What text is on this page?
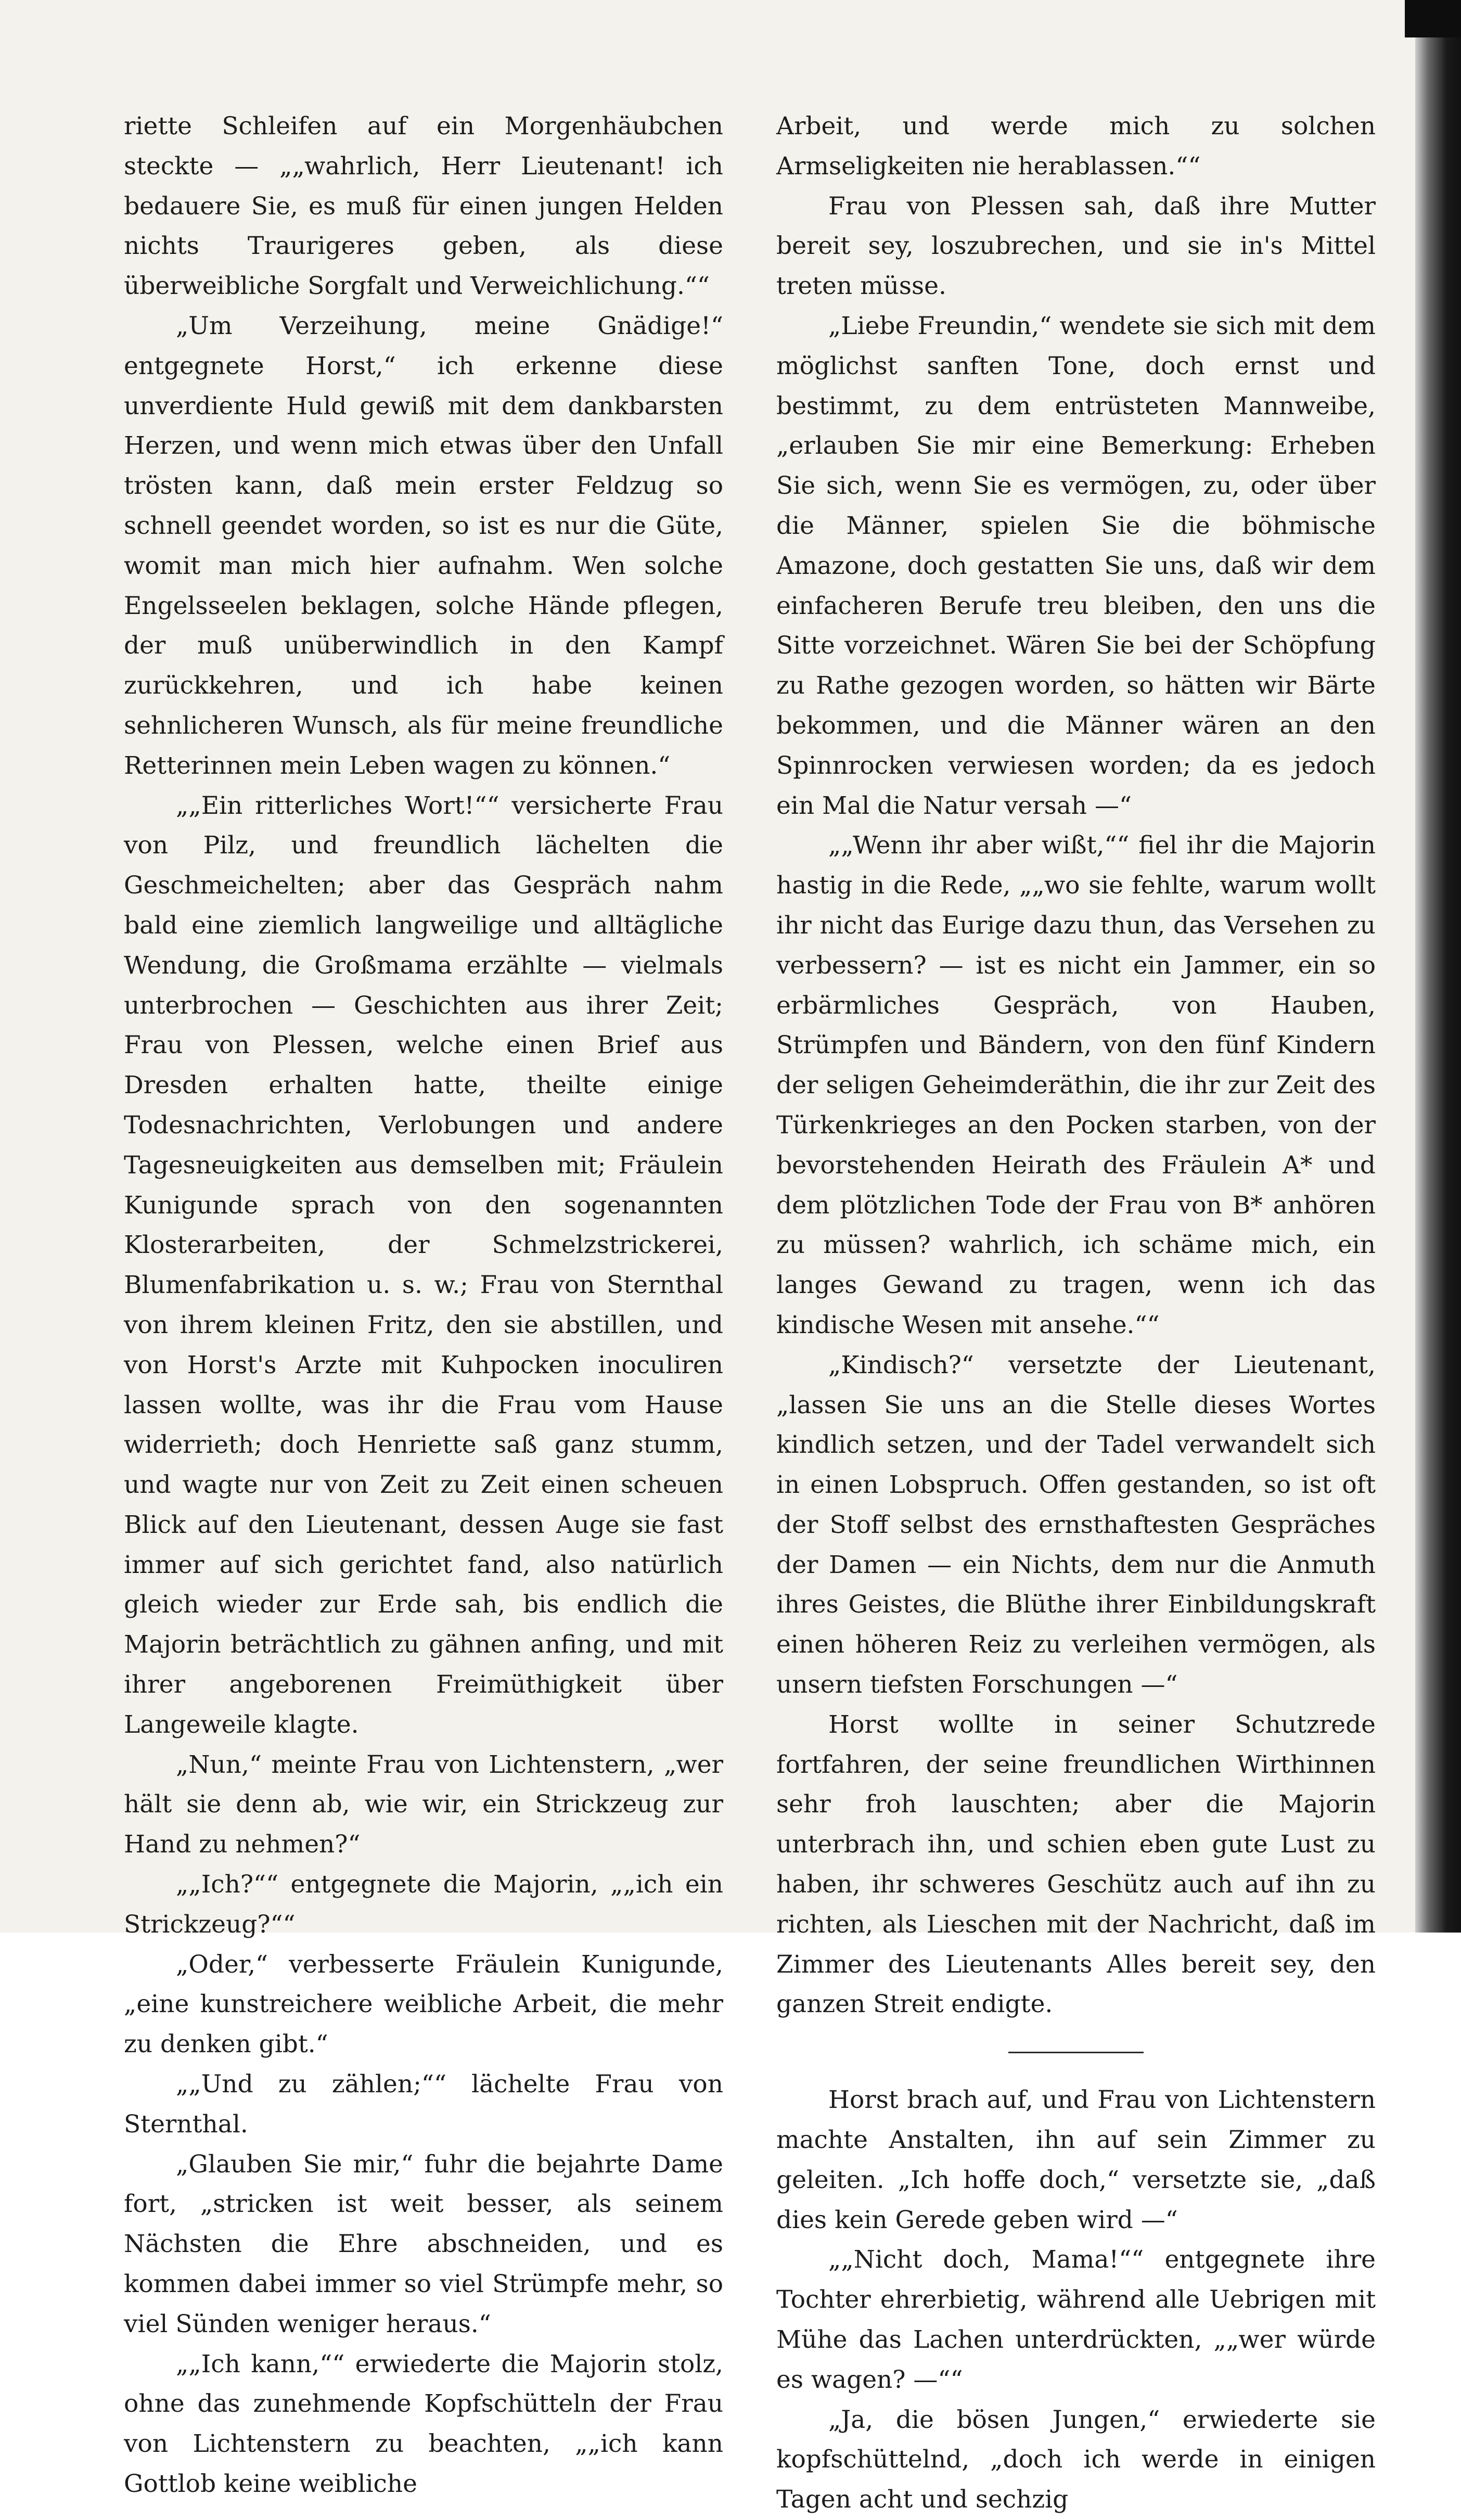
riette Schleifen auf ein Morgenhäubchen steckte — „„wahrlich, Herr Lieutenant! ich bedauere Sie, es muß für einen jungen Helden nichts Traurigeres geben, als diese überweibliche Sorgfalt und Verweichlichung.““

„Um Verzeihung, meine Gnädige!“ entgegnete Horst,“ ich erkenne diese unverdiente Huld gewiß mit dem dankbarsten Herzen, und wenn mich etwas über den Unfall trösten kann, daß mein erster Feldzug so schnell geendet worden, so ist es nur die Güte, womit man mich hier aufnahm. Wen solche Engelsseelen beklagen, solche Hände pflegen, der muß unüberwindlich in den Kampf zurückkehren, und ich habe keinen sehnlicheren Wunsch, als für meine freundliche Retterinnen mein Leben wagen zu können.“

„„Ein ritterliches Wort!““ versicherte Frau von Pilz, und freundlich lächelten die Geschmeichelten; aber das Gespräch nahm bald eine ziemlich langweilige und alltägliche Wendung, die Großmama erzählte — vielmals unterbrochen — Geschichten aus ihrer Zeit; Frau von Plessen, welche einen Brief aus Dresden erhalten hatte, theilte einige Todesnachrichten, Verlobungen und andere Tagesneuigkeiten aus demselben mit; Fräulein Kunigunde sprach von den sogenannten Klosterarbeiten, der Schmelzstrickerei, Blumenfabrikation u. s. w.; Frau von Sternthal von ihrem kleinen Fritz, den sie abstillen, und von Horst's Arzte mit Kuhpocken inoculiren lassen wollte, was ihr die Frau vom Hause widerrieth; doch Henriette saß ganz stumm, und wagte nur von Zeit zu Zeit einen scheuen Blick auf den Lieutenant, dessen Auge sie fast immer auf sich gerichtet fand, also natürlich gleich wieder zur Erde sah, bis endlich die Majorin beträchtlich zu gähnen anfing, und mit ihrer angeborenen Freimüthigkeit über Langeweile klagte.

„Nun,“ meinte Frau von Lichtenstern, „wer hält sie denn ab, wie wir, ein Strickzeug zur Hand zu nehmen?“

„„Ich?““ entgegnete die Majorin, „„ich ein Strickzeug?““

„Oder,“ verbesserte Fräulein Kunigunde, „eine kunstreichere weibliche Arbeit, die mehr zu denken gibt.“

„„Und zu zählen;““ lächelte Frau von Sternthal.

„Glauben Sie mir,“ fuhr die bejahrte Dame fort, „stricken ist weit besser, als seinem Nächsten die Ehre abschneiden, und es kommen dabei immer so viel Strümpfe mehr, so viel Sünden weniger heraus.“

„„Ich kann,““ erwiederte die Majorin stolz, ohne das zunehmende Kopfschütteln der Frau von Lichtenstern zu beachten, „„ich kann Gottlob keine weibliche

Arbeit, und werde mich zu solchen Armseligkeiten nie herablassen.““

Frau von Plessen sah, daß ihre Mutter bereit sey, loszubrechen, und sie in's Mittel treten müsse.

„Liebe Freundin,“ wendete sie sich mit dem möglichst sanften Tone, doch ernst und bestimmt, zu dem entrüsteten Mannweibe, „erlauben Sie mir eine Bemerkung: Erheben Sie sich, wenn Sie es vermögen, zu, oder über die Männer, spielen Sie die böhmische Amazone, doch gestatten Sie uns, daß wir dem einfacheren Berufe treu bleiben, den uns die Sitte vorzeichnet. Wären Sie bei der Schöpfung zu Rathe gezogen worden, so hätten wir Bärte bekommen, und die Männer wären an den Spinnrocken verwiesen worden; da es jedoch ein Mal die Natur versah —“

„„Wenn ihr aber wißt,““ fiel ihr die Majorin hastig in die Rede, „„wo sie fehlte, warum wollt ihr nicht das Eurige dazu thun, das Versehen zu verbessern? — ist es nicht ein Jammer, ein so erbärmliches Gespräch, von Hauben, Strümpfen und Bändern, von den fünf Kindern der seligen Geheimderäthin, die ihr zur Zeit des Türkenkrieges an den Pocken starben, von der bevorstehenden Heirath des Fräulein A* und dem plötzlichen Tode der Frau von B* anhören zu müssen? wahrlich, ich schäme mich, ein langes Gewand zu tragen, wenn ich das kindische Wesen mit ansehe.““

„Kindisch?“ versetzte der Lieutenant, „lassen Sie uns an die Stelle dieses Wortes kindlich setzen, und der Tadel verwandelt sich in einen Lobspruch. Offen gestanden, so ist oft der Stoff selbst des ernsthaftesten Gespräches der Damen — ein Nichts, dem nur die Anmuth ihres Geistes, die Blüthe ihrer Einbildungskraft einen höheren Reiz zu verleihen vermögen, als unsern tiefsten Forschungen —“

Horst wollte in seiner Schutzrede fortfahren, der seine freundlichen Wirthinnen sehr froh lauschten; aber die Majorin unterbrach ihn, und schien eben gute Lust zu haben, ihr schweres Geschütz auch auf ihn zu richten, als Lieschen mit der Nachricht, daß im Zimmer des Lieutenants Alles bereit sey, den ganzen Streit endigte.

Horst brach auf, und Frau von Lichtenstern machte Anstalten, ihn auf sein Zimmer zu geleiten. „Ich hoffe doch,“ versetzte sie, „daß dies kein Gerede geben wird —“

„„Nicht doch, Mama!““ entgegnete ihre Tochter ehrerbietig, während alle Uebrigen mit Mühe das Lachen unterdrückten, „„wer würde es wagen? —““

„Ja, die bösen Jungen,“ erwiederte sie kopfschüttelnd, „doch ich werde in einigen Tagen acht und sechzig
